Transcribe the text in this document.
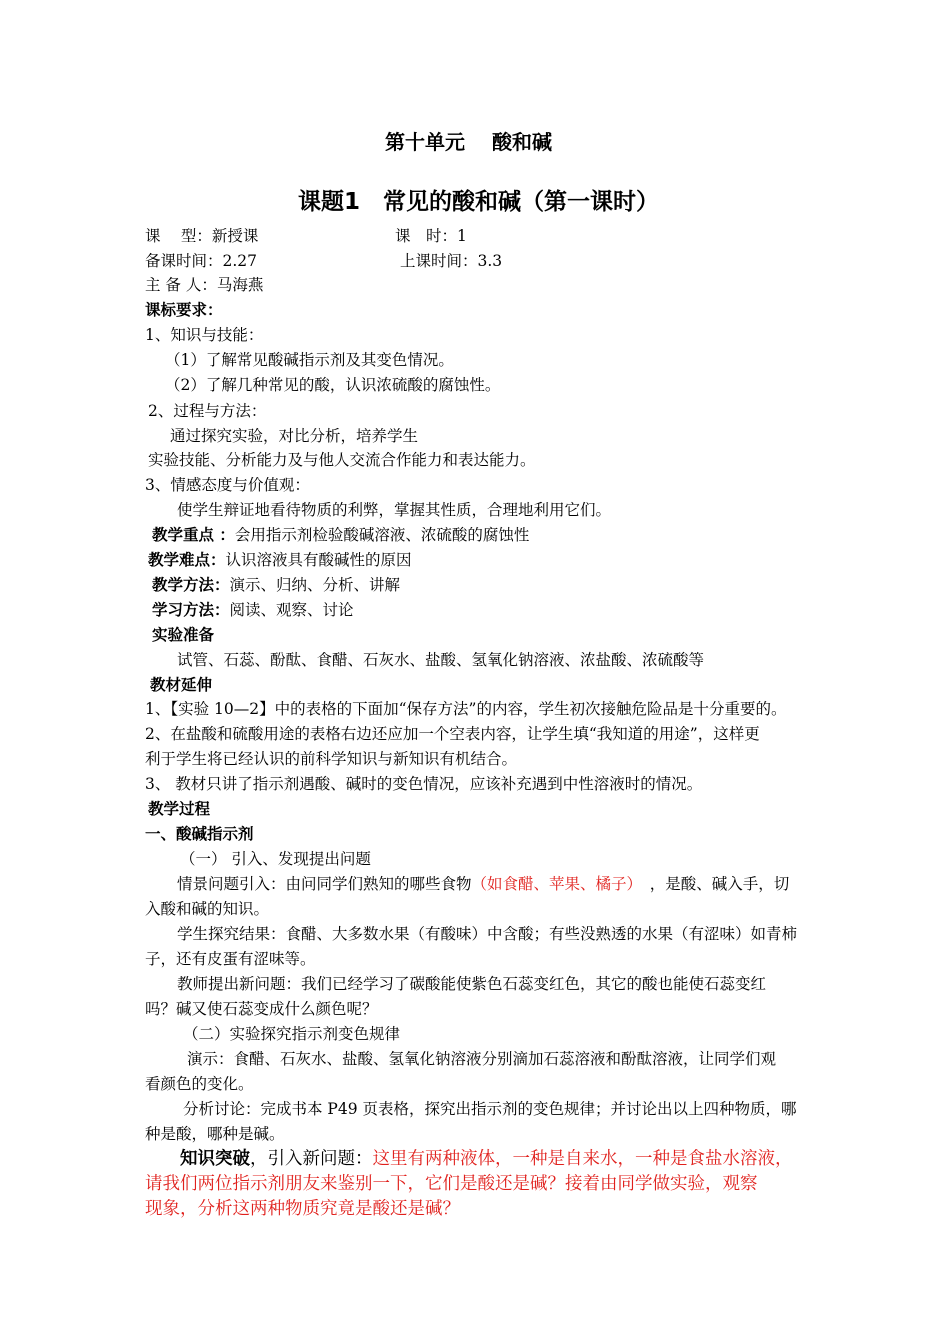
第十单元　 酸和碱
课题1　常见的酸和碱（第一课时）
课　 型：新授课	课　时：1
备课时间：2.27	上课时间：3.3
主 备 人：马海燕
课标要求：
1、知识与技能：
（1）了解常见酸碱指示剂及其变色情况。
（2）了解几种常见的酸，认识浓硫酸的腐蚀性。
2、过程与方法：
通过探究实验，对比分析，培养学生
实验技能、分析能力及与他人交流合作能力和表达能力。
3、情感态度与价值观：
使学生辩证地看待物质的利弊，掌握其性质，合理地利用它们。
教学重点 ：会用指示剂检验酸碱溶液、浓硫酸的腐蚀性
教学难点：认识溶液具有酸碱性的原因
教学方法：演示、归纳、分析、讲解
学习方法：阅读、观察、讨论
实验准备
试管、石蕊、酚酞、食醋、石灰水、盐酸、氢氧化钠溶液、浓盐酸、浓硫酸等
教材延伸
1、【实验 10—2】中的表格的下面加“保存方法”的内容，学生初次接触危险品是十分重要的。
2、在盐酸和硫酸用途的表格右边还应加一个空表内容，让学生填“我知道的用途”，这样更
利于学生将已经认识的前科学知识与新知识有机结合。
3、 教材只讲了指示剂遇酸、碱时的变色情况，应该补充遇到中性溶液时的情况。
教学过程
一、酸碱指示剂
（一） 引入、发现提出问题
情景问题引入：由问同学们熟知的哪些食物（如食醋、苹果、橘子）　，是酸、碱入手，切
入酸和碱的知识。
学生探究结果：食醋、大多数水果（有酸味）中含酸；有些没熟透的水果（有涩味）如青柿
子，还有皮蛋有涩味等。
教师提出新问题：我们已经学习了碳酸能使紫色石蕊变红色，其它的酸也能使石蕊变红
吗？碱又使石蕊变成什么颜色呢？
（二）实验探究指示剂变色规律
演示：食醋、石灰水、盐酸、氢氧化钠溶液分别滴加石蕊溶液和酚酞溶液，让同学们观
看颜色的变化。
分析讨论：完成书本 P49 页表格，探究出指示剂的变色规律；并讨论出以上四种物质，哪
种是酸，哪种是碱。
知识突破，引入新问题：这里有两种液体，一种是自来水，一种是食盐水溶液，
请我们两位指示剂朋友来鉴别一下，它们是酸还是碱？接着由同学做实验，观察
现象，分析这两种物质究竟是酸还是碱？
